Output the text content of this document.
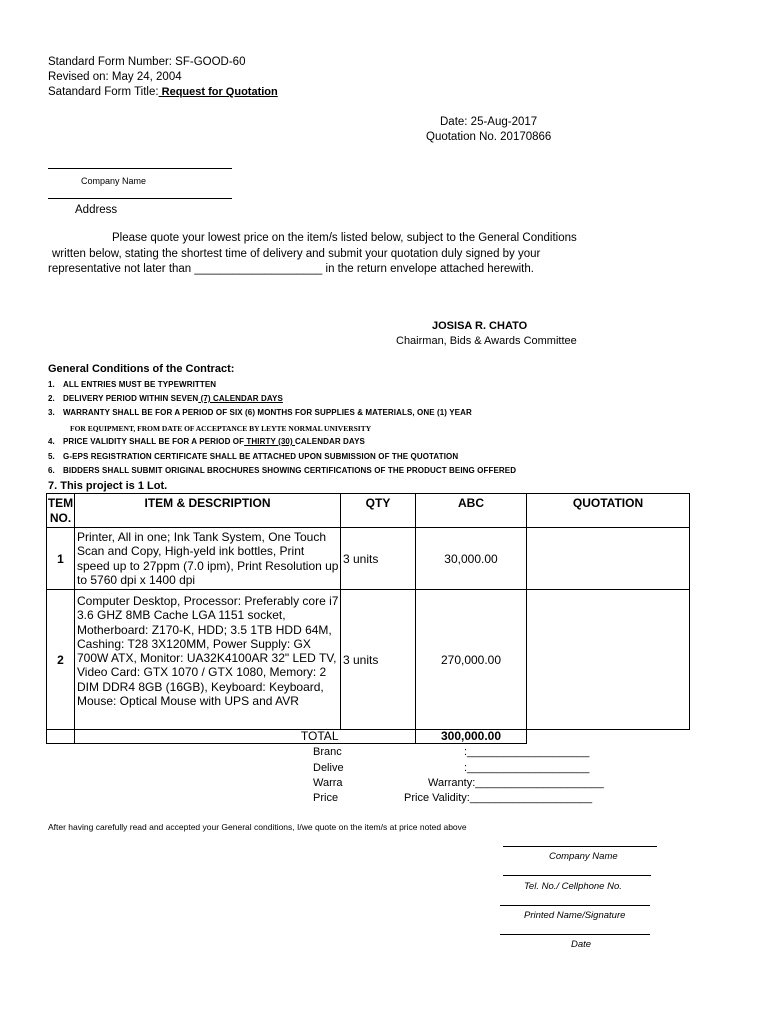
Standard Form Number: SF-GOOD-60
Revised on: May 24, 2004
Satandard Form Title: Request for Quotation
Date: 25-Aug-2017
Quotation No. 20170866
Company Name
Address
Please quote your lowest price on the item/s listed below, subject to the General Conditions
written below, stating the shortest time of delivery and submit your quotation duly signed by your
representative not later than ____________________ in the return envelope attached herewith.
JOSISA R. CHATO
Chairman, Bids & Awards Committee
General Conditions of the Contract:
1. ALL ENTRIES MUST BE TYPEWRITTEN
2. DELIVERY PERIOD WITHIN SEVEN (7) CALENDAR DAYS
3. WARRANTY SHALL BE FOR A PERIOD OF SIX (6) MONTHS FOR SUPPLIES & MATERIALS, ONE (1) YEAR
FOR EQUIPMENT, FROM DATE OF ACCEPTANCE BY LEYTE NORMAL UNIVERSITY
4. PRICE VALIDITY SHALL BE FOR A PERIOD OF THIRTY (30) CALENDAR DAYS
5. G-EPS REGISTRATION CERTIFICATE SHALL BE ATTACHED UPON SUBMISSION OF THE QUOTATION
6. BIDDERS SHALL SUBMIT ORIGINAL BROCHURES SHOWING CERTIFICATIONS OF THE PRODUCT BEING OFFERED
7. This project is 1 Lot.
TEM
NO.	ITEM & DESCRIPTION	QTY	ABC	QUOTATION
1	Printer, All in one; Ink Tank System, One Touch Scan and Copy, High-yeld ink bottles, Print speed up to 27ppm (7.0 ipm), Print Resolution up to 5760 dpi x 1400 dpi	3 units	30,000.00	
2	Computer Desktop, Processor: Preferably core i7 3.6 GHZ 8MB Cache LGA 1151 socket, Motherboard: Z170-K, HDD; 3.5 1TB HDD 64M, Cashing: T28 3X120MM, Power Supply: GX 700W ATX, Monitor: UA32K4100AR 32" LED TV, Video Card: GTX 1070 / GTX 1080, Memory: 2 DIM DDR4 8GB (16GB), Keyboard: Keyboard, Mouse: Optical Mouse with UPS and AVR	3 units	270,000.00	
	TOTAL		300,000.00	
Branc	:____________________
Delive	:____________________
Warra	Warranty:_____________________
Price	Price Validity:____________________
After having carefully read and accepted your General conditions, I/we quote on the item/s at price noted above
Company Name
Tel. No./ Cellphone No.
Printed Name/Signature
Date
